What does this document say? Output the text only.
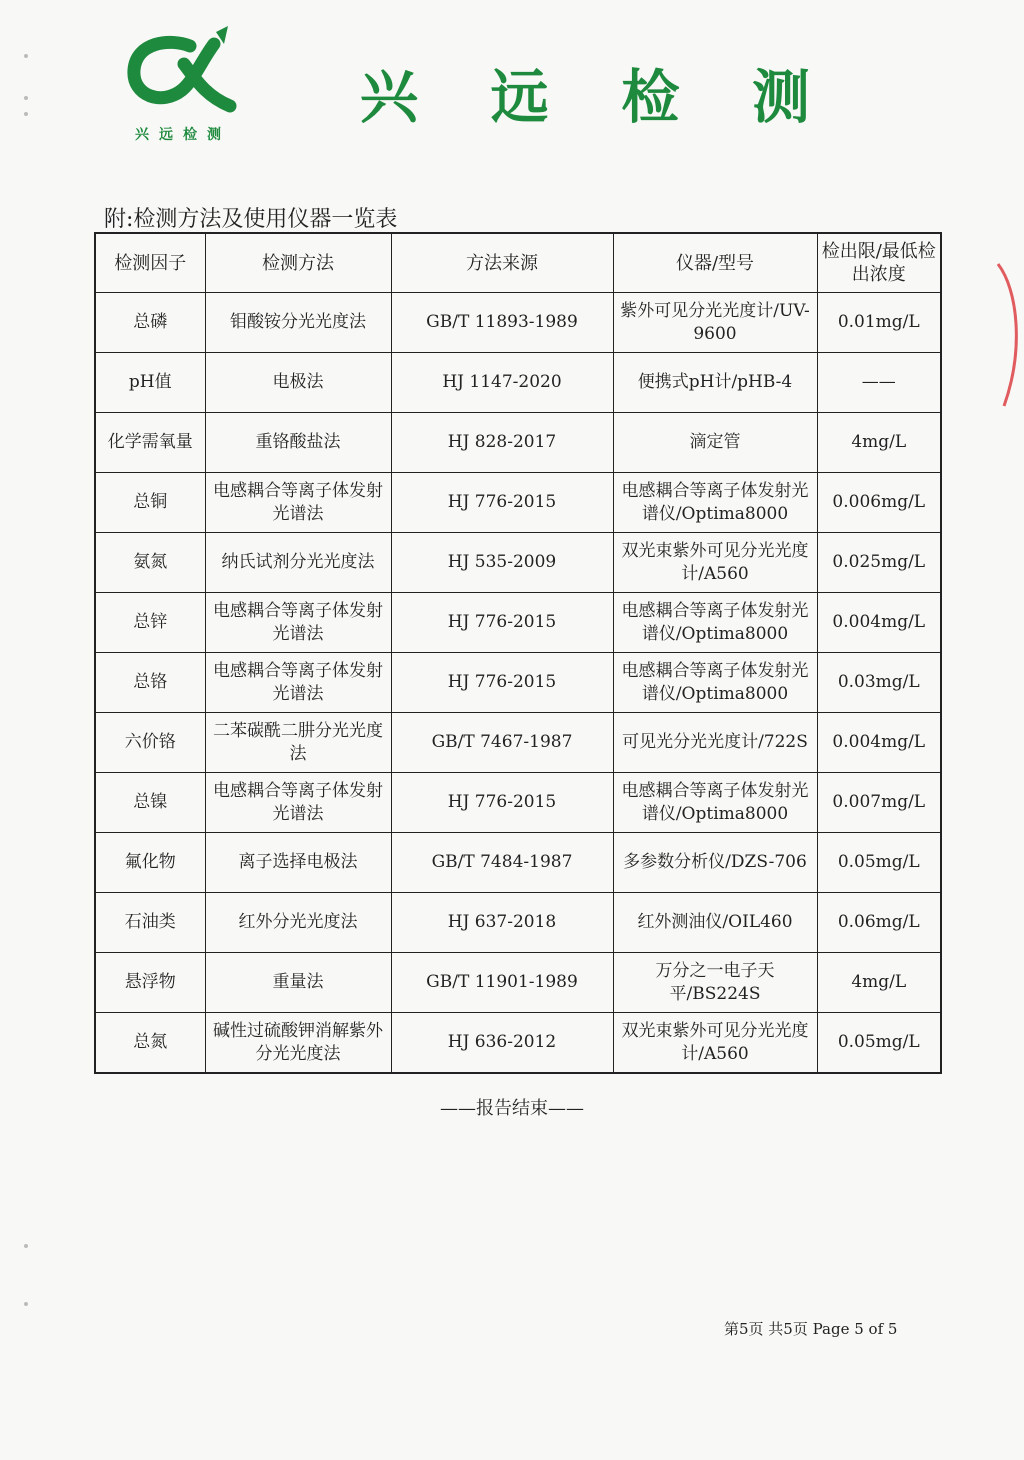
兴远检测
兴 远 检 测
附:检测方法及使用仪器一览表
检测因子	检测方法	方法来源	仪器/型号	检出限/最低检出浓度
总磷	钼酸铵分光光度法	GB/T 11893-1989	紫外可见分光光度计/UV-9600	0.01mg/L
pH值	电极法	HJ 1147-2020	便携式pH计/pHB-4	——
化学需氧量	重铬酸盐法	HJ 828-2017	滴定管	4mg/L
总铜	电感耦合等离子体发射光谱法	HJ 776-2015	电感耦合等离子体发射光谱仪/Optima8000	0.006mg/L
氨氮	纳氏试剂分光光度法	HJ 535-2009	双光束紫外可见分光光度计/A560	0.025mg/L
总锌	电感耦合等离子体发射光谱法	HJ 776-2015	电感耦合等离子体发射光谱仪/Optima8000	0.004mg/L
总铬	电感耦合等离子体发射光谱法	HJ 776-2015	电感耦合等离子体发射光谱仪/Optima8000	0.03mg/L
六价铬	二苯碳酰二肼分光光度法	GB/T 7467-1987	可见光分光光度计/722S	0.004mg/L
总镍	电感耦合等离子体发射光谱法	HJ 776-2015	电感耦合等离子体发射光谱仪/Optima8000	0.007mg/L
氟化物	离子选择电极法	GB/T 7484-1987	多参数分析仪/DZS-706	0.05mg/L
石油类	红外分光光度法	HJ 637-2018	红外测油仪/OIL460	0.06mg/L
悬浮物	重量法	GB/T 11901-1989	万分之一电子天平/BS224S	4mg/L
总氮	碱性过硫酸钾消解紫外分光光度法	HJ 636-2012	双光束紫外可见分光光度计/A560	0.05mg/L
——报告结束——
第5页 共5页 Page 5 of 5
